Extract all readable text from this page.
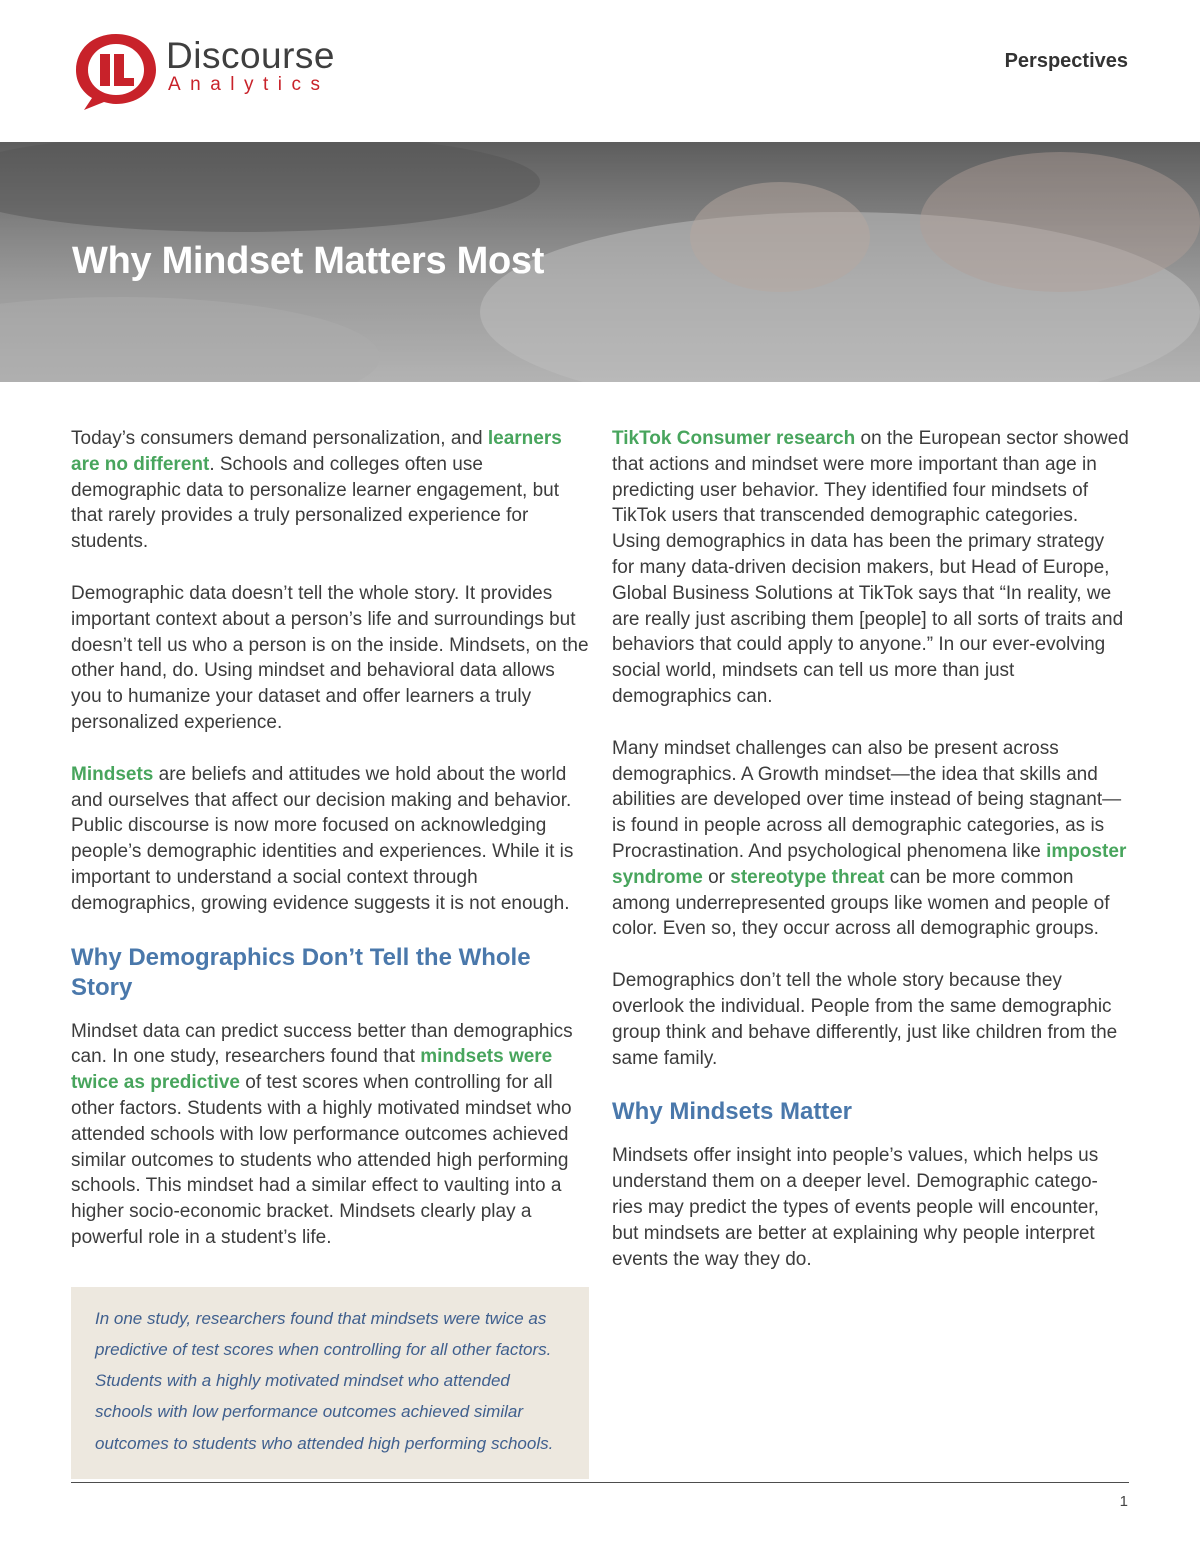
Discourse
Analytics
Perspectives
Why Mindset Matters Most

Today’s consumers demand personalization, and learners are no different. Schools and colleges often use demographic data to personalize learner engagement, but that rarely provides a truly personalized experience for students.

Demographic data doesn’t tell the whole story. It provides important context about a person’s life and surroundings but doesn’t tell us who a person is on the inside. Mindsets, on the other hand, do. Using mindset and behavioral data allows you to humanize your dataset and offer learners a truly personalized experience.

Mindsets are beliefs and attitudes we hold about the world and ourselves that affect our decision making and behavior. Public discourse is now more focused on acknowledging people’s demographic identities and experiences. While it is important to understand a social context through demographics, growing evidence suggests it is not enough.

Why Demographics Don’t Tell the Whole Story

Mindset data can predict success better than demographics can. In one study, researchers found that mindsets were twice as predictive of test scores when controlling for all other factors. Students with a highly motivated mindset who attended schools with low performance outcomes achieved similar outcomes to students who attended high performing schools. This mindset had a similar effect to vaulting into a higher socio-economic bracket. Mindsets clearly play a powerful role in a student’s life.

In one study, researchers found that mindsets were twice as predictive of test scores when controlling for all other factors. Students with a highly motivated mindset who attended schools with low performance outcomes achieved similar outcomes to students who attended high performing schools.

TikTok Consumer research on the European sector showed that actions and mindset were more important than age in predicting user behavior. They identified four mindsets of TikTok users that transcended demographic categories. Using demographics in data has been the primary strategy for many data-driven decision makers, but Head of Europe, Global Business Solutions at TikTok says that “In reality, we are really just ascribing them [people] to all sorts of traits and behaviors that could apply to anyone.” In our ever-evolving social world, mindsets can tell us more than just demographics can.

Many mindset challenges can also be present across demographics. A Growth mindset—the idea that skills and abilities are developed over time instead of being stagnant—is found in people across all demographic categories, as is Procrastination. And psychological phenomena like imposter syndrome or stereotype threat can be more common among underrepresented groups like women and people of color. Even so, they occur across all demographic groups.

Demographics don’t tell the whole story because they overlook the individual. People from the same demographic group think and behave differently, just like children from the same family.

Why Mindsets Matter

Mindsets offer insight into people’s values, which helps us understand them on a deeper level. Demographic catego- ries may predict the types of events people will encounter, but mindsets are better at explaining why people interpret events the way they do.

1
